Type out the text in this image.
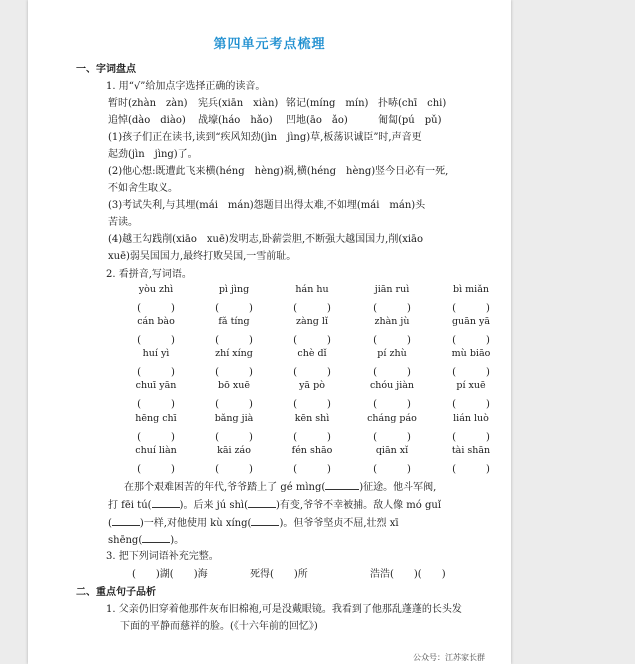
第四单元考点梳理
一、字词盘点
1. 用“√”给加点字选择正确的读音。
暂时(zhàn　zàn) 宪兵(xiān　xiàn) 铭记(míng　mín) 扑哧(chī　chi)
追悼(dào　diào) 战壕(háo　hǎo) 凹地(āo　ǎo)	匍匐(pú　pǔ)
(1)孩子们正在读书,读到“疾风知劲(jìn　jìng)草,板荡识诚臣”时,声音更
起劲(jìn　jìng)了。
(2)他心想:既遭此飞来横(héng　hèng)祸,横(héng　hèng)竖今日必有一死,
不如舍生取义。
(3)考试失利,与其埋(mái　mán)怨题目出得太难,不如埋(mái　mán)头
苦读。
(4)越王勾践削(xiāo　xuē)发明志,卧薪尝胆,不断强大越国国力,削(xiāo
xuē)弱吴国国力,最终打败吴国,一雪前耻。
2. 看拼音,写词语。
yòu zhì	pì jìng	hán hu	jiān ruì	bì miǎn
(　　　)	(　　　)	(　　　)	(　　　)	(　　　)
cán bào	fǎ tíng	zàng lǐ	zhàn jù	guān yā
(　　　)	(　　　)	(　　　)	(　　　)	(　　　)
huí yì	zhí xíng	chè dǐ	pí zhù	mù biāo
(　　　)	(　　　)	(　　　)	(　　　)	(　　　)
chuī yān	bō xuē	yā pò	chóu jiàn	pí xuē
(　　　)	(　　　)	(　　　)	(　　　)	(　　　)
hēng chī	bǎng jià	kēn shì	cháng páo	lián luò
(　　　)	(　　　)	(　　　)	(　　　)	(　　　)
chuí liàn	kāi záo	fén shāo	qiān xǐ	tài shān
(　　　)	(　　　)	(　　　)	(　　　)	(　　　)
在那个艰难困苦的年代,爷爷踏上了 gé mìng(	)征途。他斗军阀,
打 fēi tú(	)。后来 jú shì(	)有变,爷爷不幸被捕。敌人像 mó guǐ
(	)一样,对他使用 kù xíng(	)。但爷爷坚贞不屈,壮烈 xī
shēng(	)。
3. 把下列词语补充完整。
(　　)湖(　　)海	死得(　　)所	浩浩(　　)(　　)
二、重点句子品析
1. 父亲仍旧穿着他那件灰布旧棉袍,可是没戴眼镜。我看到了他那乱蓬蓬的长头发
下面的平静而慈祥的脸。(《十六年前的回忆》)
公众号：江苏家长群
